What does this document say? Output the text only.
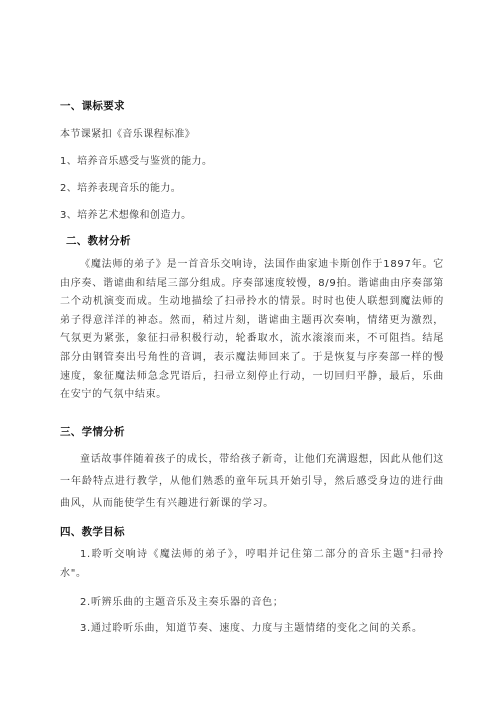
一、课标要求
本节课紧扣《音乐课程标准》
1、培养音乐感受与鉴赏的能力。
2、培养表现音乐的能力。
3、培养艺术想像和创造力。
二、教材分析

《魔法师的弟子》是一首音乐交响诗，法国作曲家迪卡斯创作于1897年。它由序奏、谐谑曲和结尾三部分组成。序奏部速度较慢，8/9拍。谐谑曲由序奏部第二个动机演变而成。生动地描绘了扫帚拎水的情景。时时也使人联想到魔法师的弟子得意洋洋的神态。然而，稍过片刻，谐谑曲主题再次奏响，情绪更为激烈，气氛更为紧张，象征扫帚积极行动，轮番取水，流水滚滚而来，不可阻挡。结尾部分由钢管奏出号角性的音调，表示魔法师回来了。于是恢复与序奏部一样的慢速度，象征魔法师急念咒语后，扫帚立刻停止行动，一切回归平静，最后，乐曲在安宁的气氛中结束。

三、学情分析

童话故事伴随着孩子的成长，带给孩子新奇，让他们充满遐想，因此从他们这一年龄特点进行教学，从他们熟悉的童年玩具开始引导，然后感受身边的进行曲曲风，从而能使学生有兴趣进行新课的学习。

四、教学目标

1.聆听交响诗《魔法师的弟子》，哼唱并记住第二部分的音乐主题"扫帚拎水"。

2.听辨乐曲的主题音乐及主奏乐器的音色；

3.通过聆听乐曲，知道节奏、速度、力度与主题情绪的变化之间的关系。
